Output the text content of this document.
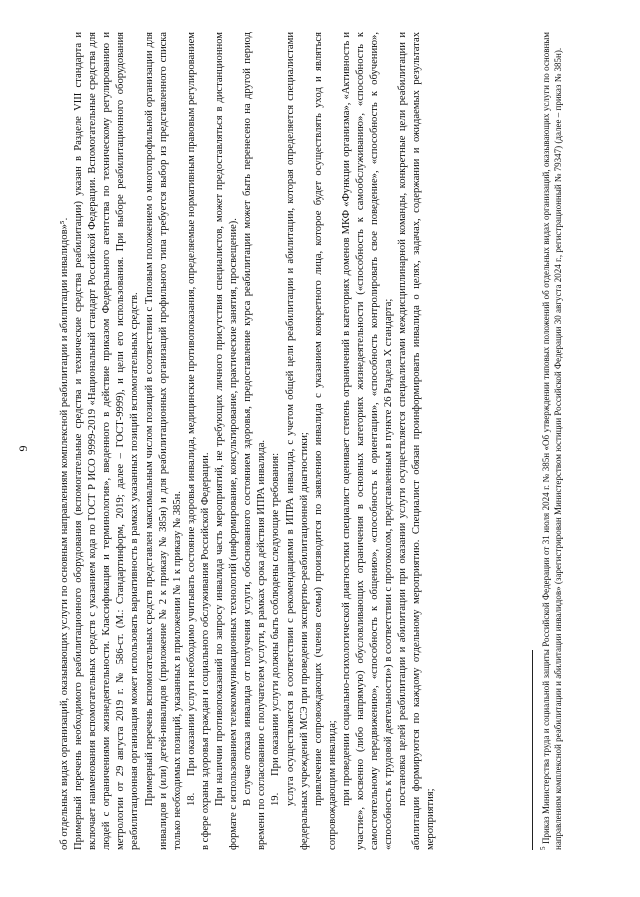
9	об отдельных видах организаций, оказывающих услуги по основным направлениям комплексной реабилитации и абилитации инвалидов»⁵. Примерный перечень необходимого реабилитационного оборудования (вспомогательные средства и технические средства реабилитации) указан в Разделе VIII стандарта и включает наименования вспомогательных средств с указанием кода по ГОСТ Р ИСО 9999-2019 «Национальный стандарт Российской Федерации. Вспомогательные средства для людей с ограничениями жизнедеятельности. Классификация и терминология», введенного в действие приказом Федерального агентства по техническому регулированию и метрологии от 29 августа 2019 г. № 586-ст. (М.: Стандартинформ, 2019; далее – ГОСТ-9999), и цели его использования. При выборе реабилитационного оборудования реабилитационная организация может использовать вариативность в рамках указанных позиций вспомогательных средств. Примерный перечень вспомогательных средств представлен максимальным числом позиций в соответствии с Типовым положением о многопрофильной организации для инвалидов и (или) детей-инвалидов (приложение № 2 к приказу № 385н) и для реабилитационных организаций профильного типа требуется выбор из представленного списка только необходимых позиций, указанных в приложении № 1 к приказу № 385н. 18.При оказании услуги необходимо учитывать состояние здоровья инвалида, медицинские противопоказания, определяемые нормативным правовым регулированием в сфере охраны здоровья граждан и социального обслуживания Российской Федерации. При наличии противопоказаний по запросу инвалида часть мероприятий, не требующих личного присутствия специалистов, может предоставляться в дистанционном формате с использованием телекоммуникационных технологий (информирование, консультирование, практические занятия, просвещение). В случае отказа инвалида от получения услуги, обоснованного состоянием здоровья, предоставление курса реабилитации может быть перенесено на другой период времени по согласованию с получателем услуги, в рамках срока действия ИПРА инвалида. 19.При оказании услуги должны быть соблюдены следующие требования: услуга осуществляется в соответствии с рекомендациями в ИПРА инвалида, с учетом общей цели реабилитации и абилитации, которая определяется специалистами федеральных учреждений МСЭ при проведении экспертно-реабилитационной диагностики; привлечение сопровождающих (членов семьи) производится по заявлению инвалида с указанием конкретного лица, которое будет осуществлять уход и являться сопровождающим инвалида; при проведении социально-психологической диагностики специалист оценивает степень ограничений в категориях доменов МКФ «Функции организма», «Активность и участие», косвенно (либо напрямую) обусловливающих ограничения в основных категориях жизнедеятельности («способность к самообслуживанию», «способность к самостоятельному передвижению», «способность к общению», «способность к ориентации», «способность контролировать свое поведение», «способность к обучению», «способность к трудовой деятельности») в соответствии с протоколом, представленным в пункте 26 Раздела X стандарта; постановка целей реабилитации и абилитации при оказании услуги осуществляется специалистами междисциплинарной команды, конкретные цели реабилитации и абилитации формируются по каждому отдельному мероприятию. Специалист обязан проинформировать инвалида о целях, задачах, содержании и ожидаемых результатах мероприятия;	$^5$ Приказ Министерства труда и социальной защиты Российской Федерации от 31 июля 2024 г. № 385н «Об утверждении типовых положений об отдельных видах организаций, оказывающих услуги по основным направлениям комплексной реабилитации и абилитации инвалидов» (зарегистрирован Министерством юстиции Российской Федерации 30 августа 2024 г., регистрационный № 79347) (далее – приказ № 385н).
